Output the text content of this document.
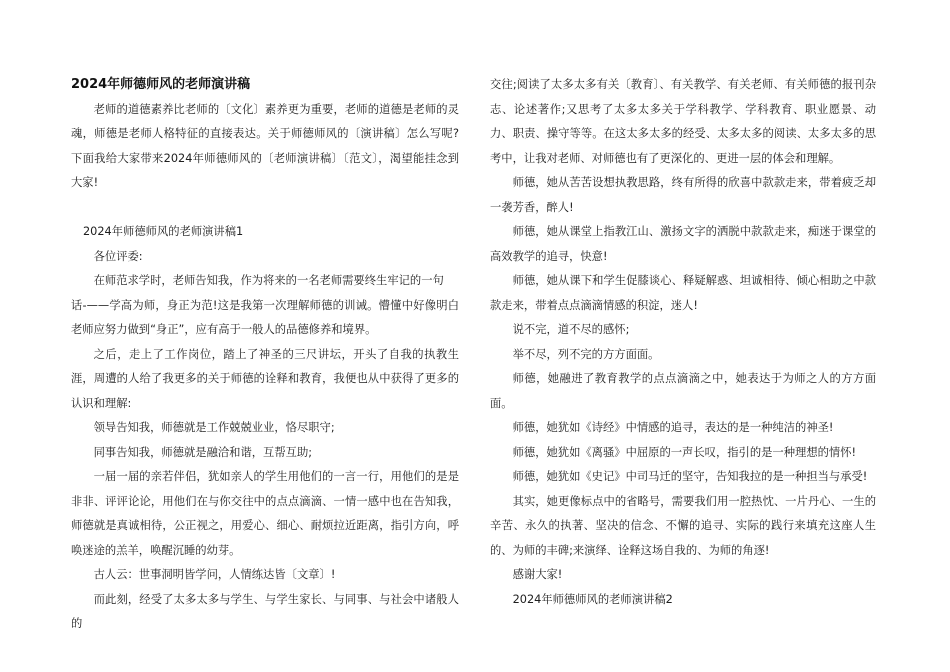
2024年师德师风的老师演讲稿

老师的道德素养比老师的〔文化〕素养更为重要，老师的道德是老师的灵魂，师德是老师人格特征的直接表达。关于师德师风的〔演讲稿〕怎么写呢?下面我给大家带来2024年师德师风的〔老师演讲稿〕〔范文〕，渴望能挂念到大家!

2024年师德师风的老师演讲稿1

各位评委:

在师范求学时，老师告知我，作为将来的一名老师需要终生牢记的一句

话-——学高为师，身正为范!这是我第一次理解师德的训诫。懵懂中好像明白老师应努力做到“身正”，应有高于一般人的品德修养和境界。

之后，走上了工作岗位，踏上了神圣的三尺讲坛，开头了自我的执教生涯，周遭的人给了我更多的关于师德的诠释和教育，我便也从中获得了更多的认识和理解:

领导告知我，师德就是工作兢兢业业，恪尽职守;

同事告知我，师德就是融洽和谐，互帮互助;

一届一届的亲若伴侣，犹如亲人的学生用他们的一言一行，用他们的是是非非、评评论论，用他们在与你交往中的点点滴滴、一情一感中也在告知我，师德就是真诚相待，公正视之，用爱心、细心、耐烦拉近距离，指引方向，呼唤迷途的羔羊，唤醒沉睡的幼芽。

古人云：世事洞明皆学问，人情练达皆〔文章〕!

而此刻，经受了太多太多与学生、与学生家长、与同事、与社会中诸般人的

交往;阅读了太多太多有关〔教育〕、有关教学、有关老师、有关师德的报刊杂志、论述著作;又思考了太多太多关于学科教学、学科教育、职业愿景、动力、职责、操守等等。在这太多太多的经受、太多太多的阅读、太多太多的思考中，让我对老师、对师德也有了更深化的、更进一层的体会和理解。

师德，她从苦苦设想执教思路，终有所得的欣喜中款款走来，带着疲乏却一袭芳香，醉人!

师德，她从课堂上指教江山、激扬文字的洒脱中款款走来，痴迷于课堂的高效教学的追寻，快意!

师德，她从课下和学生促膝谈心、释疑解惑、坦诚相待、倾心相助之中款款走来，带着点点滴滴情感的积淀，迷人!

说不完，道不尽的感怀;

举不尽，列不完的方方面面。

师德，她融进了教育教学的点点滴滴之中，她表达于为师之人的方方面面。

师德，她犹如《诗经》中情感的追寻，表达的是一种纯洁的神圣!

师德，她犹如《离骚》中屈原的一声长叹，指引的是一种理想的情怀!

师德，她犹如《史记》中司马迁的坚守，告知我拉的是一种担当与承受!

其实，她更像标点中的省略号，需要我们用一腔热忱、一片丹心、一生的辛苦、永久的执著、坚决的信念、不懈的追寻、实际的践行来填充这座人生的、为师的丰碑;来演绎、诠释这场自我的、为师的角逐!

感谢大家!

2024年师德师风的老师演讲稿2
